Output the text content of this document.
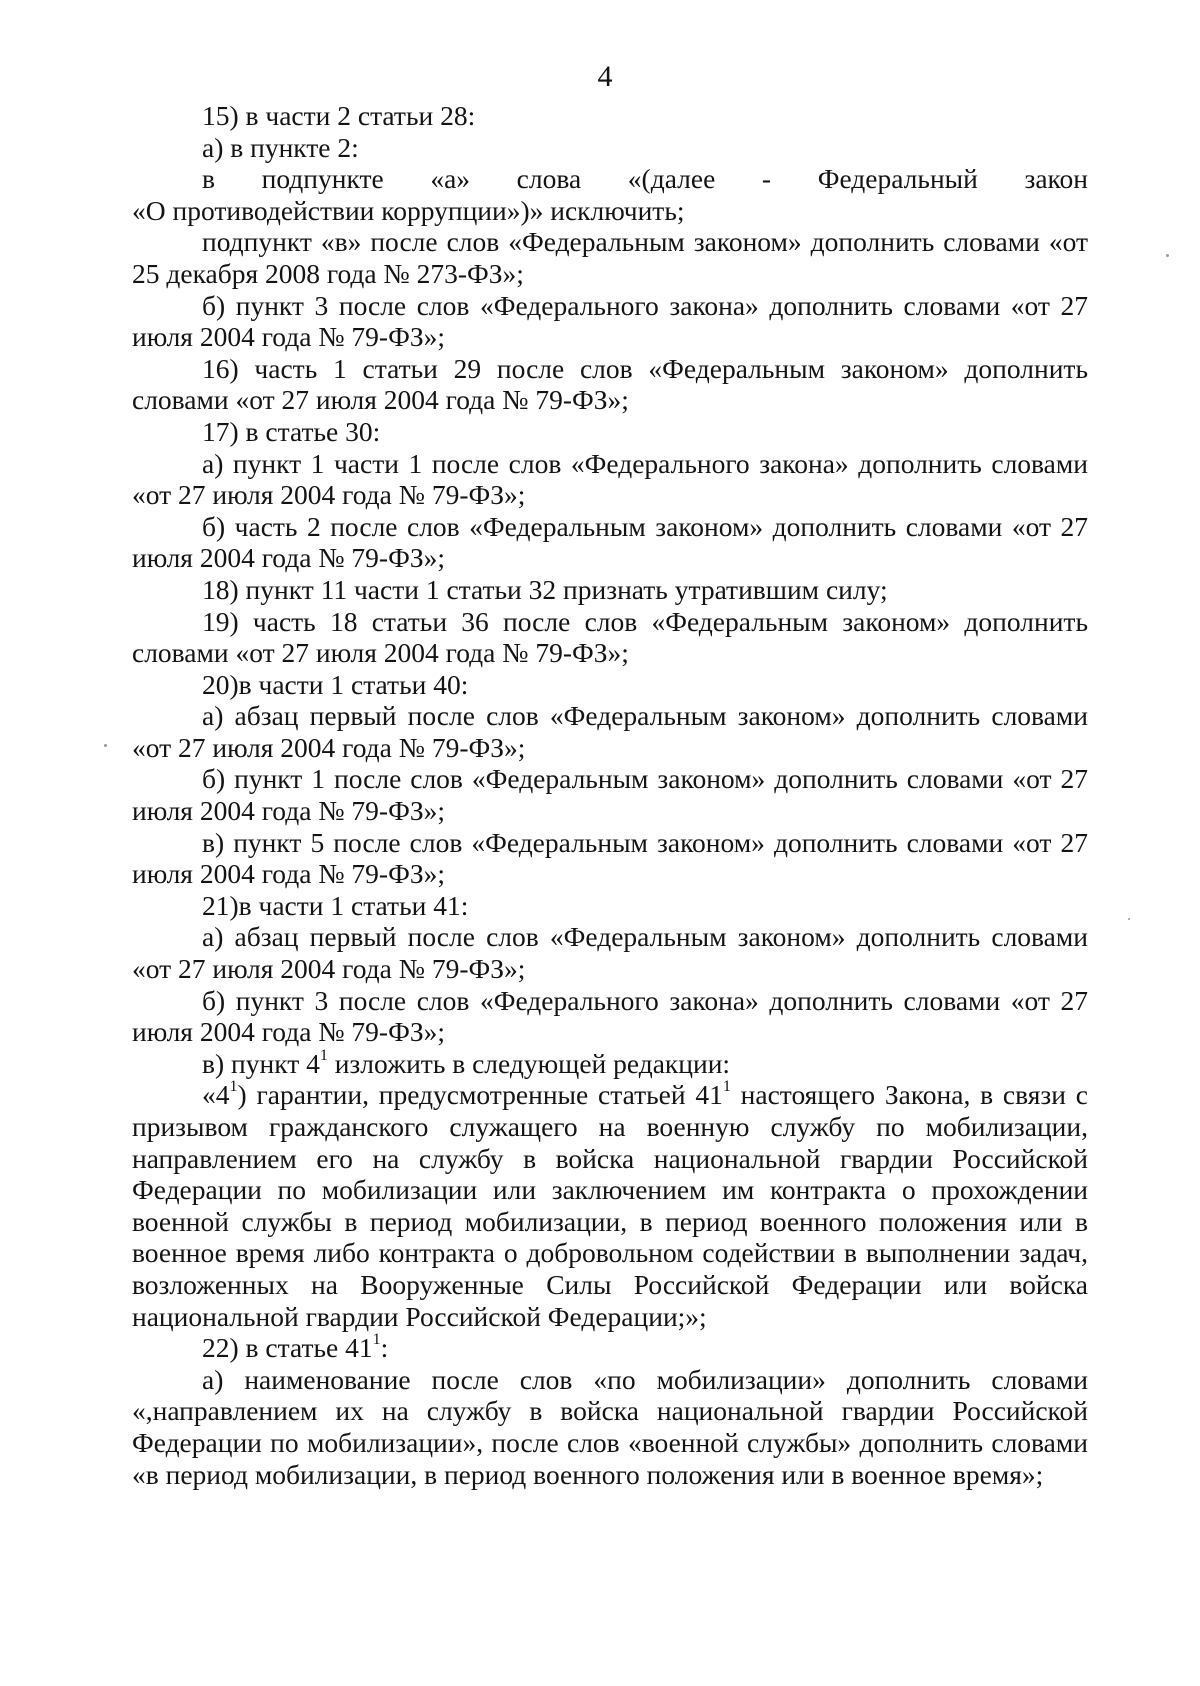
4

15) в части 2 статьи 28:

а) в пункте 2:

в подпункте «а» слова «(далее - Федеральный закон
«О противодействии коррупции»)» исключить;

подпункт «в» после слов «Федеральным законом» дополнить словами «от 25 декабря 2008 года № 273-ФЗ»;

б) пункт 3 после слов «Федерального закона» дополнить словами «от 27 июля 2004 года № 79-ФЗ»;

16) часть 1 статьи 29 после слов «Федеральным законом» дополнить словами «от 27 июля 2004 года № 79-ФЗ»;

17) в статье 30:

а) пункт 1 части 1 после слов «Федерального закона» дополнить словами «от 27 июля 2004 года № 79-ФЗ»;

б) часть 2 после слов «Федеральным законом» дополнить словами «от 27 июля 2004 года № 79-ФЗ»;

18) пункт 11 части 1 статьи 32 признать утратившим силу;

19) часть 18 статьи 36 после слов «Федеральным законом» дополнить словами «от 27 июля 2004 года № 79-ФЗ»;

20)в части 1 статьи 40:

а) абзац первый после слов «Федеральным законом» дополнить словами «от 27 июля 2004 года № 79-ФЗ»;

б) пункт 1 после слов «Федеральным законом» дополнить словами «от 27 июля 2004 года № 79-ФЗ»;

в) пункт 5 после слов «Федеральным законом» дополнить словами «от 27 июля 2004 года № 79-ФЗ»;

21)в части 1 статьи 41:

а) абзац первый после слов «Федеральным законом» дополнить словами «от 27 июля 2004 года № 79-ФЗ»;

б) пункт 3 после слов «Федерального закона» дополнить словами «от 27 июля 2004 года № 79-ФЗ»;

в) пункт $4^1$ изложить в следующей редакции:

«$4^1$) гарантии, предусмотренные статьей $41^1$ настоящего Закона, в связи с призывом гражданского служащего на военную службу по мобилизации, направлением его на службу в войска национальной гвардии Российской Федерации по мобилизации или заключением им контракта о прохождении военной службы в период мобилизации, в период военного положения или в военное время либо контракта о добровольном содействии в выполнении задач, возложенных на Вооруженные Силы Российской Федерации или войска национальной гвардии Российской Федерации;»;

22) в статье $41^1$:

а) наименование после слов «по мобилизации» дополнить словами «,направлением их на службу в войска национальной гвардии Российской Федерации по мобилизации», после слов «военной службы» дополнить словами «в период мобилизации, в период военного положения или в военное время»;
